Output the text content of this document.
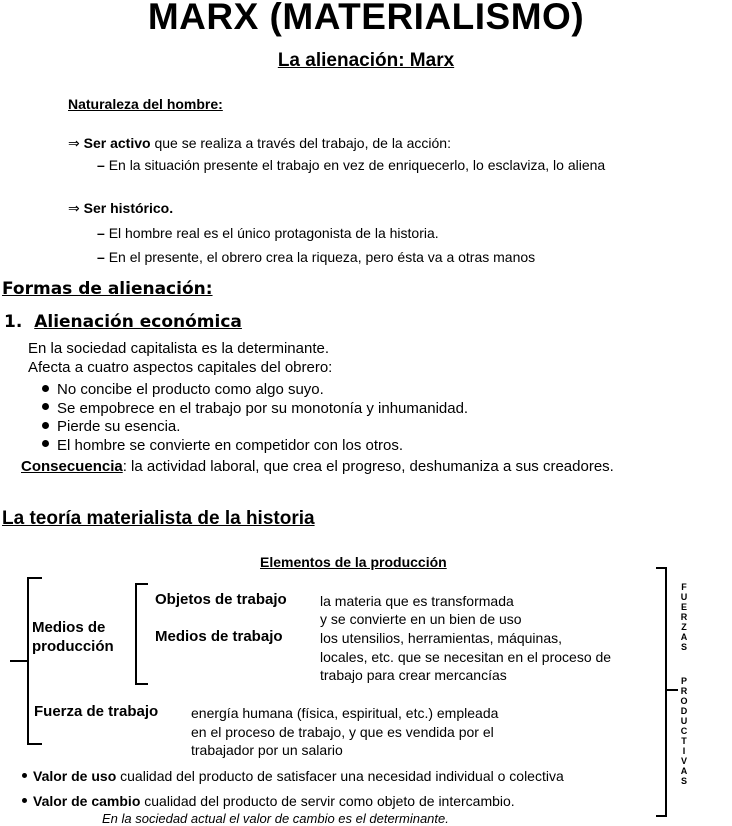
MARX (MATERIALISMO)
La alienación: Marx
Naturaleza del hombre:
⇒ Ser activo que se realiza a través del trabajo, de la acción:
– En la situación presente el trabajo en vez de enriquecerlo, lo esclaviza, lo aliena
⇒ Ser histórico.
– El hombre real es el único protagonista de la historia.
– En el presente, el obrero crea la riqueza, pero ésta va a otras manos
Formas de alienación:
1. Alienación económica
En la sociedad capitalista es la determinante.
Afecta a cuatro aspectos capitales del obrero:
No concibe el producto como algo suyo.
Se empobrece en el trabajo por su monotonía y inhumanidad.
Pierde su esencia.
El hombre se convierte en competidor con los otros.
Consecuencia: la actividad laboral, que crea el progreso, deshumaniza a sus creadores.
La teoría materialista de la historia
Elementos de la producción
Medios de
producción
Objetos de trabajo la materia que es transformada
y se convierte en un bien de uso
Medios de trabajo	los utensilios, herramientas, máquinas,
locales, etc. que se necesitan en el proceso de
trabajo para crear mercancías
Fuerza de trabajo energía humana (física, espiritual, etc.) empleada
en el proceso de trabajo, y que es vendida por el
trabajador por un salario
F
U
E
R
Z
A
S
P
R
O
D
U
C
T
I
V
A
S
Valor de uso cualidad del producto de satisfacer una necesidad individual o colectiva
Valor de cambio cualidad del producto de servir como objeto de intercambio.
En la sociedad actual el valor de cambio es el determinante.
